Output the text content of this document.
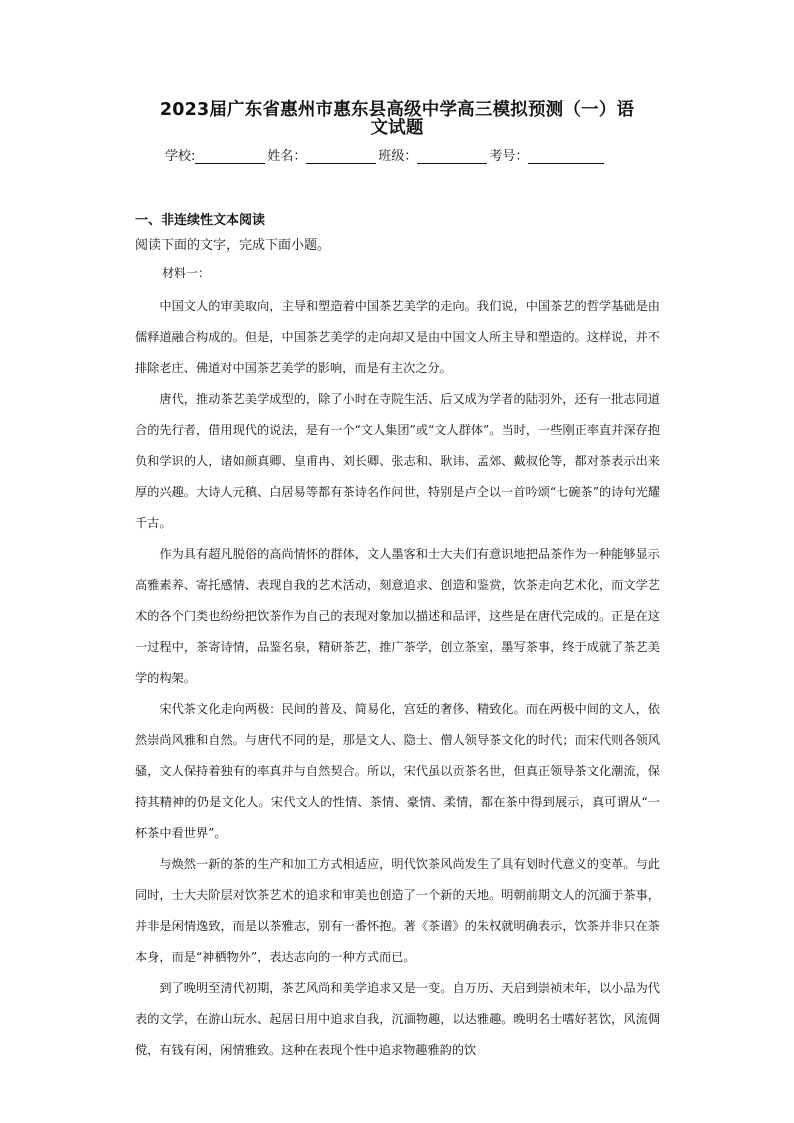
2023届广东省惠州市惠东县高级中学高三模拟预测（一）语
文试题
学校:	姓名：	班级：	考号：
一、非连续性文本阅读
阅读下面的文字，完成下面小题。
材料一：

中国文人的审美取向，主导和塑造着中国茶艺美学的走向。我们说，中国茶艺的哲学基础是由儒释道融合构成的。但是，中国茶艺美学的走向却又是由中国文人所主导和塑造的。这样说，并不排除老庄、佛道对中国茶艺美学的影响，而是有主次之分。

唐代，推动茶艺美学成型的，除了小时在寺院生活、后又成为学者的陆羽外，还有一批志同道合的先行者，借用现代的说法，是有一个“文人集团”或“文人群体”。当时，一些刚正率直并深存抱负和学识的人，诸如颜真卿、皇甫冉、刘长卿、张志和、耿讳、孟郊、戴叔伦等，都对茶表示出来厚的兴趣。大诗人元稹、白居易等都有茶诗名作问世，特别是卢仝以一首吟颂“七碗茶”的诗句光耀千古。

作为具有超凡脱俗的高尚情怀的群体，文人墨客和士大夫们有意识地把品茶作为一种能够显示高雅素养、寄托感情、表现自我的艺术活动，刻意追求、创造和鉴赏，饮茶走向艺术化，而文学艺术的各个门类也纷纷把饮茶作为自己的表现对象加以描述和品评，这些是在唐代完成的。正是在这一过程中，茶寄诗情，品鉴名泉，精研茶艺，推广茶学，创立茶室，墨写茶事，终于成就了茶艺美学的构架。

宋代茶文化走向两极：民间的普及、简易化，宫廷的奢侈、精致化。而在两极中间的文人，依然崇尚风雅和自然。与唐代不同的是，那是文人、隐士、僧人领导茶文化的时代；而宋代则各领风骚，文人保持着独有的率真并与自然契合。所以，宋代虽以贡茶名世，但真正领导茶文化潮流，保持其精神的仍是文化人。宋代文人的性情、茶情、豪情、柔情，都在茶中得到展示，真可谓从“一杯茶中看世界”。

与焕然一新的茶的生产和加工方式相适应，明代饮茶风尚发生了具有划时代意义的变革。与此同时，士大夫阶层对饮茶艺术的追求和审美也创造了一个新的天地。明朝前期文人的沉湎于茶事，并非是闲情逸致，而是以茶雅志，别有一番怀抱。著《茶谱》的朱权就明确表示，饮茶并非只在茶本身，而是“神栖物外”，表达志向的一种方式而已。

到了晚明至清代初期，茶艺风尚和美学追求又是一变。自万历、天启到崇祯末年，以小品为代表的文学，在游山玩水、起居日用中追求自我，沉湎物趣，以达雅趣。晚明名士嗜好茗饮，风流倜傥，有钱有闲，闲情雅致。这种在表现个性中追求物趣雅韵的饮
